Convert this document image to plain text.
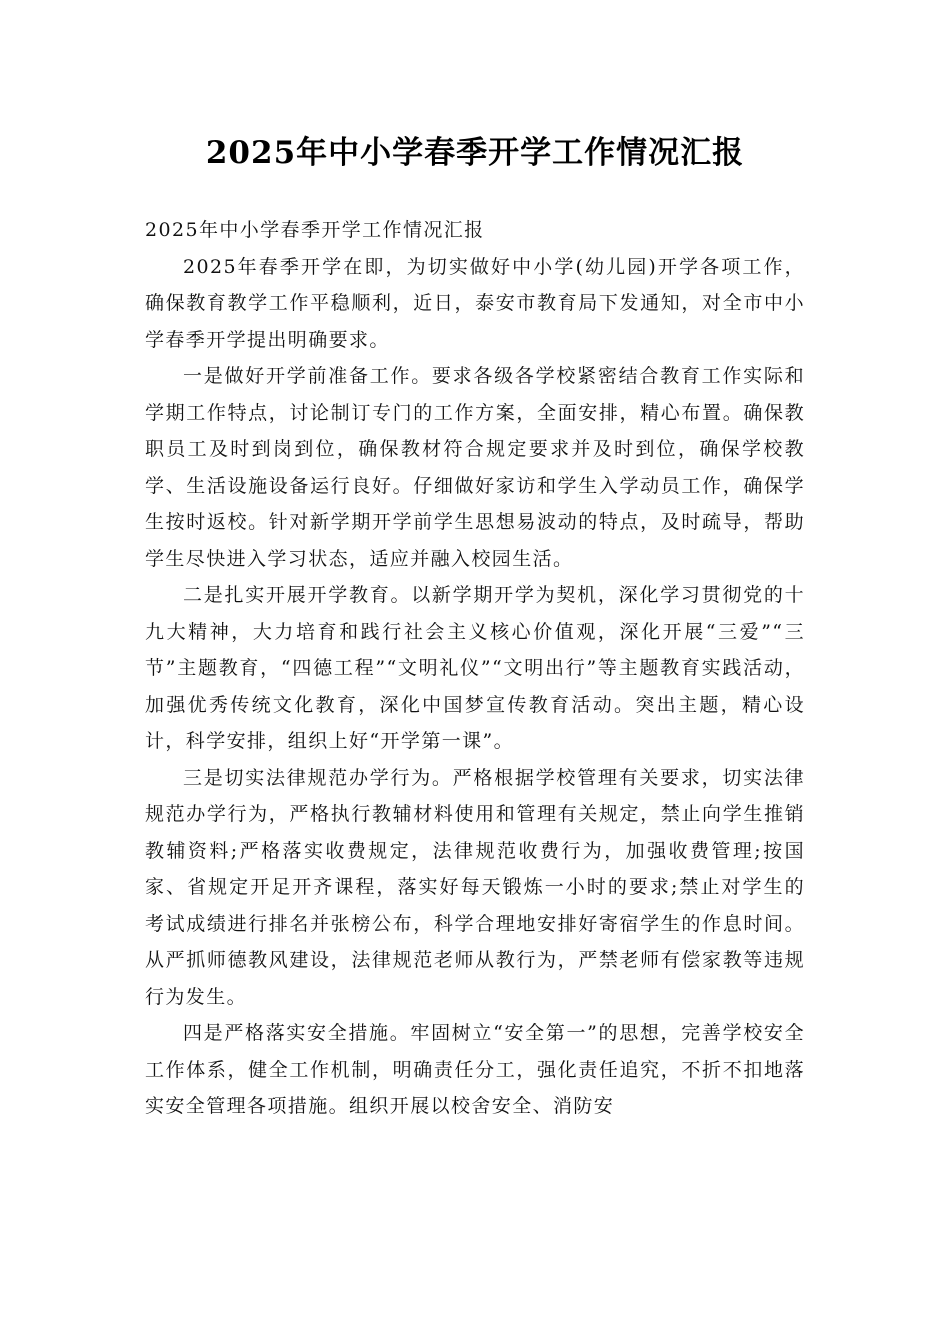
2025年中小学春季开学工作情况汇报

2025年中小学春季开学工作情况汇报

2025年春季开学在即，为切实做好中小学(幼儿园)开学各项工作，确保教育教学工作平稳顺利，近日，泰安市教育局下发通知，对全市中小学春季开学提出明确要求。

一是做好开学前准备工作。要求各级各学校紧密结合教育工作实际和学期工作特点，讨论制订专门的工作方案，全面安排，精心布置。确保教职员工及时到岗到位，确保教材符合规定要求并及时到位，确保学校教学、生活设施设备运行良好。仔细做好家访和学生入学动员工作，确保学生按时返校。针对新学期开学前学生思想易波动的特点，及时疏导，帮助学生尽快进入学习状态，适应并融入校园生活。

二是扎实开展开学教育。以新学期开学为契机，深化学习贯彻党的十九大精神，大力培育和践行社会主义核心价值观，深化开展“三爱”“三节”主题教育，“四德工程”“文明礼仪”“文明出行”等主题教育实践活动，加强优秀传统文化教育，深化中国梦宣传教育活动。突出主题，精心设计，科学安排，组织上好“开学第一课”。

三是切实法律规范办学行为。严格根据学校管理有关要求，切实法律规范办学行为，严格执行教辅材料使用和管理有关规定，禁止向学生推销教辅资料;严格落实收费规定，法律规范收费行为，加强收费管理;按国家、省规定开足开齐课程，落实好每天锻炼一小时的要求;禁止对学生的考试成绩进行排名并张榜公布，科学合理地安排好寄宿学生的作息时间。从严抓师德教风建设，法律规范老师从教行为，严禁老师有偿家教等违规行为发生。

四是严格落实安全措施。牢固树立“安全第一”的思想，完善学校安全工作体系，健全工作机制，明确责任分工，强化责任追究，不折不扣地落实安全管理各项措施。组织开展以校舍安全、消防安
